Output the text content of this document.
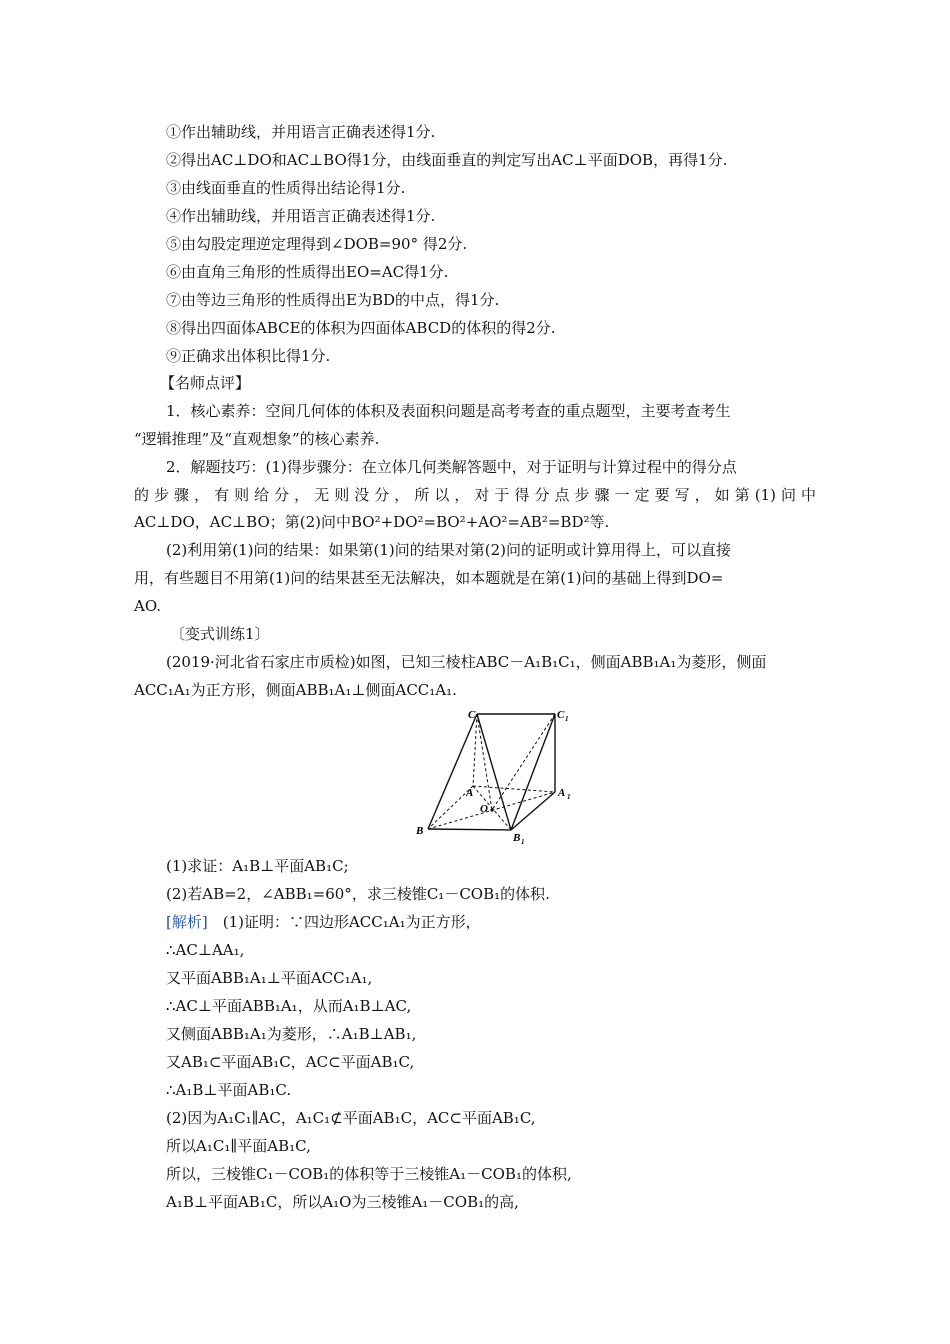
①作出辅助线，并用语言正确表述得1分.
②得出AC⊥DO和AC⊥BO得1分，由线面垂直的判定写出AC⊥平面DOB，再得1分.
③由线面垂直的性质得出结论得1分.
④作出辅助线，并用语言正确表述得1分.
⑤由勾股定理逆定理得到∠DOB=90° 得2分.
⑥由直角三角形的性质得出EO=AC得1分.
⑦由等边三角形的性质得出E为BD的中点，得1分.
⑧得出四面体ABCE的体积为四面体ABCD的体积的得2分.
⑨正确求出体积比得1分.
【名师点评】
1．核心素养：空间几何体的体积及表面积问题是高考考查的重点题型，主要考查考生
“逻辑推理”及“直观想象”的核心素养.
2．解题技巧：(1)得步骤分：在立体几何类解答题中，对于证明与计算过程中的得分点
的步骤，有则给分，无则没分，所以，对于得分点步骤一定要写，如第(1)问中
AC⊥DO，AC⊥BO；第(2)问中BO²+DO²=BO²+AO²=AB²=BD²等.
(2)利用第(1)问的结果：如果第(1)问的结果对第(2)问的证明或计算用得上，可以直接
用，有些题目不用第(1)问的结果甚至无法解决，如本题就是在第(1)问的基础上得到DO=
AO.
〔变式训练1〕
(2019·河北省石家庄市质检)如图，已知三棱柱ABC－A₁B₁C₁，侧面ABB₁A₁为菱形，侧面
ACC₁A₁为正方形，侧面ABB₁A₁⊥侧面ACC₁A₁.
C	C 1
A	A 1
O
B
B 1
(1)求证：A₁B⊥平面AB₁C;
(2)若AB=2，∠ABB₁=60°，求三棱锥C₁－COB₁的体积.
[解析]　(1)证明：∵四边形ACC₁A₁为正方形，
∴AC⊥AA₁,
又平面ABB₁A₁⊥平面ACC₁A₁,
∴AC⊥平面ABB₁A₁，从而A₁B⊥AC,
又侧面ABB₁A₁为菱形，∴A₁B⊥AB₁,
又AB₁⊂平面AB₁C，AC⊂平面AB₁C,
∴A₁B⊥平面AB₁C.
(2)因为A₁C₁∥AC，A₁C₁⊄平面AB₁C，AC⊂平面AB₁C,
所以A₁C₁∥平面AB₁C,
所以，三棱锥C₁－COB₁的体积等于三棱锥A₁－COB₁的体积,
A₁B⊥平面AB₁C，所以A₁O为三棱锥A₁－COB₁的高,
